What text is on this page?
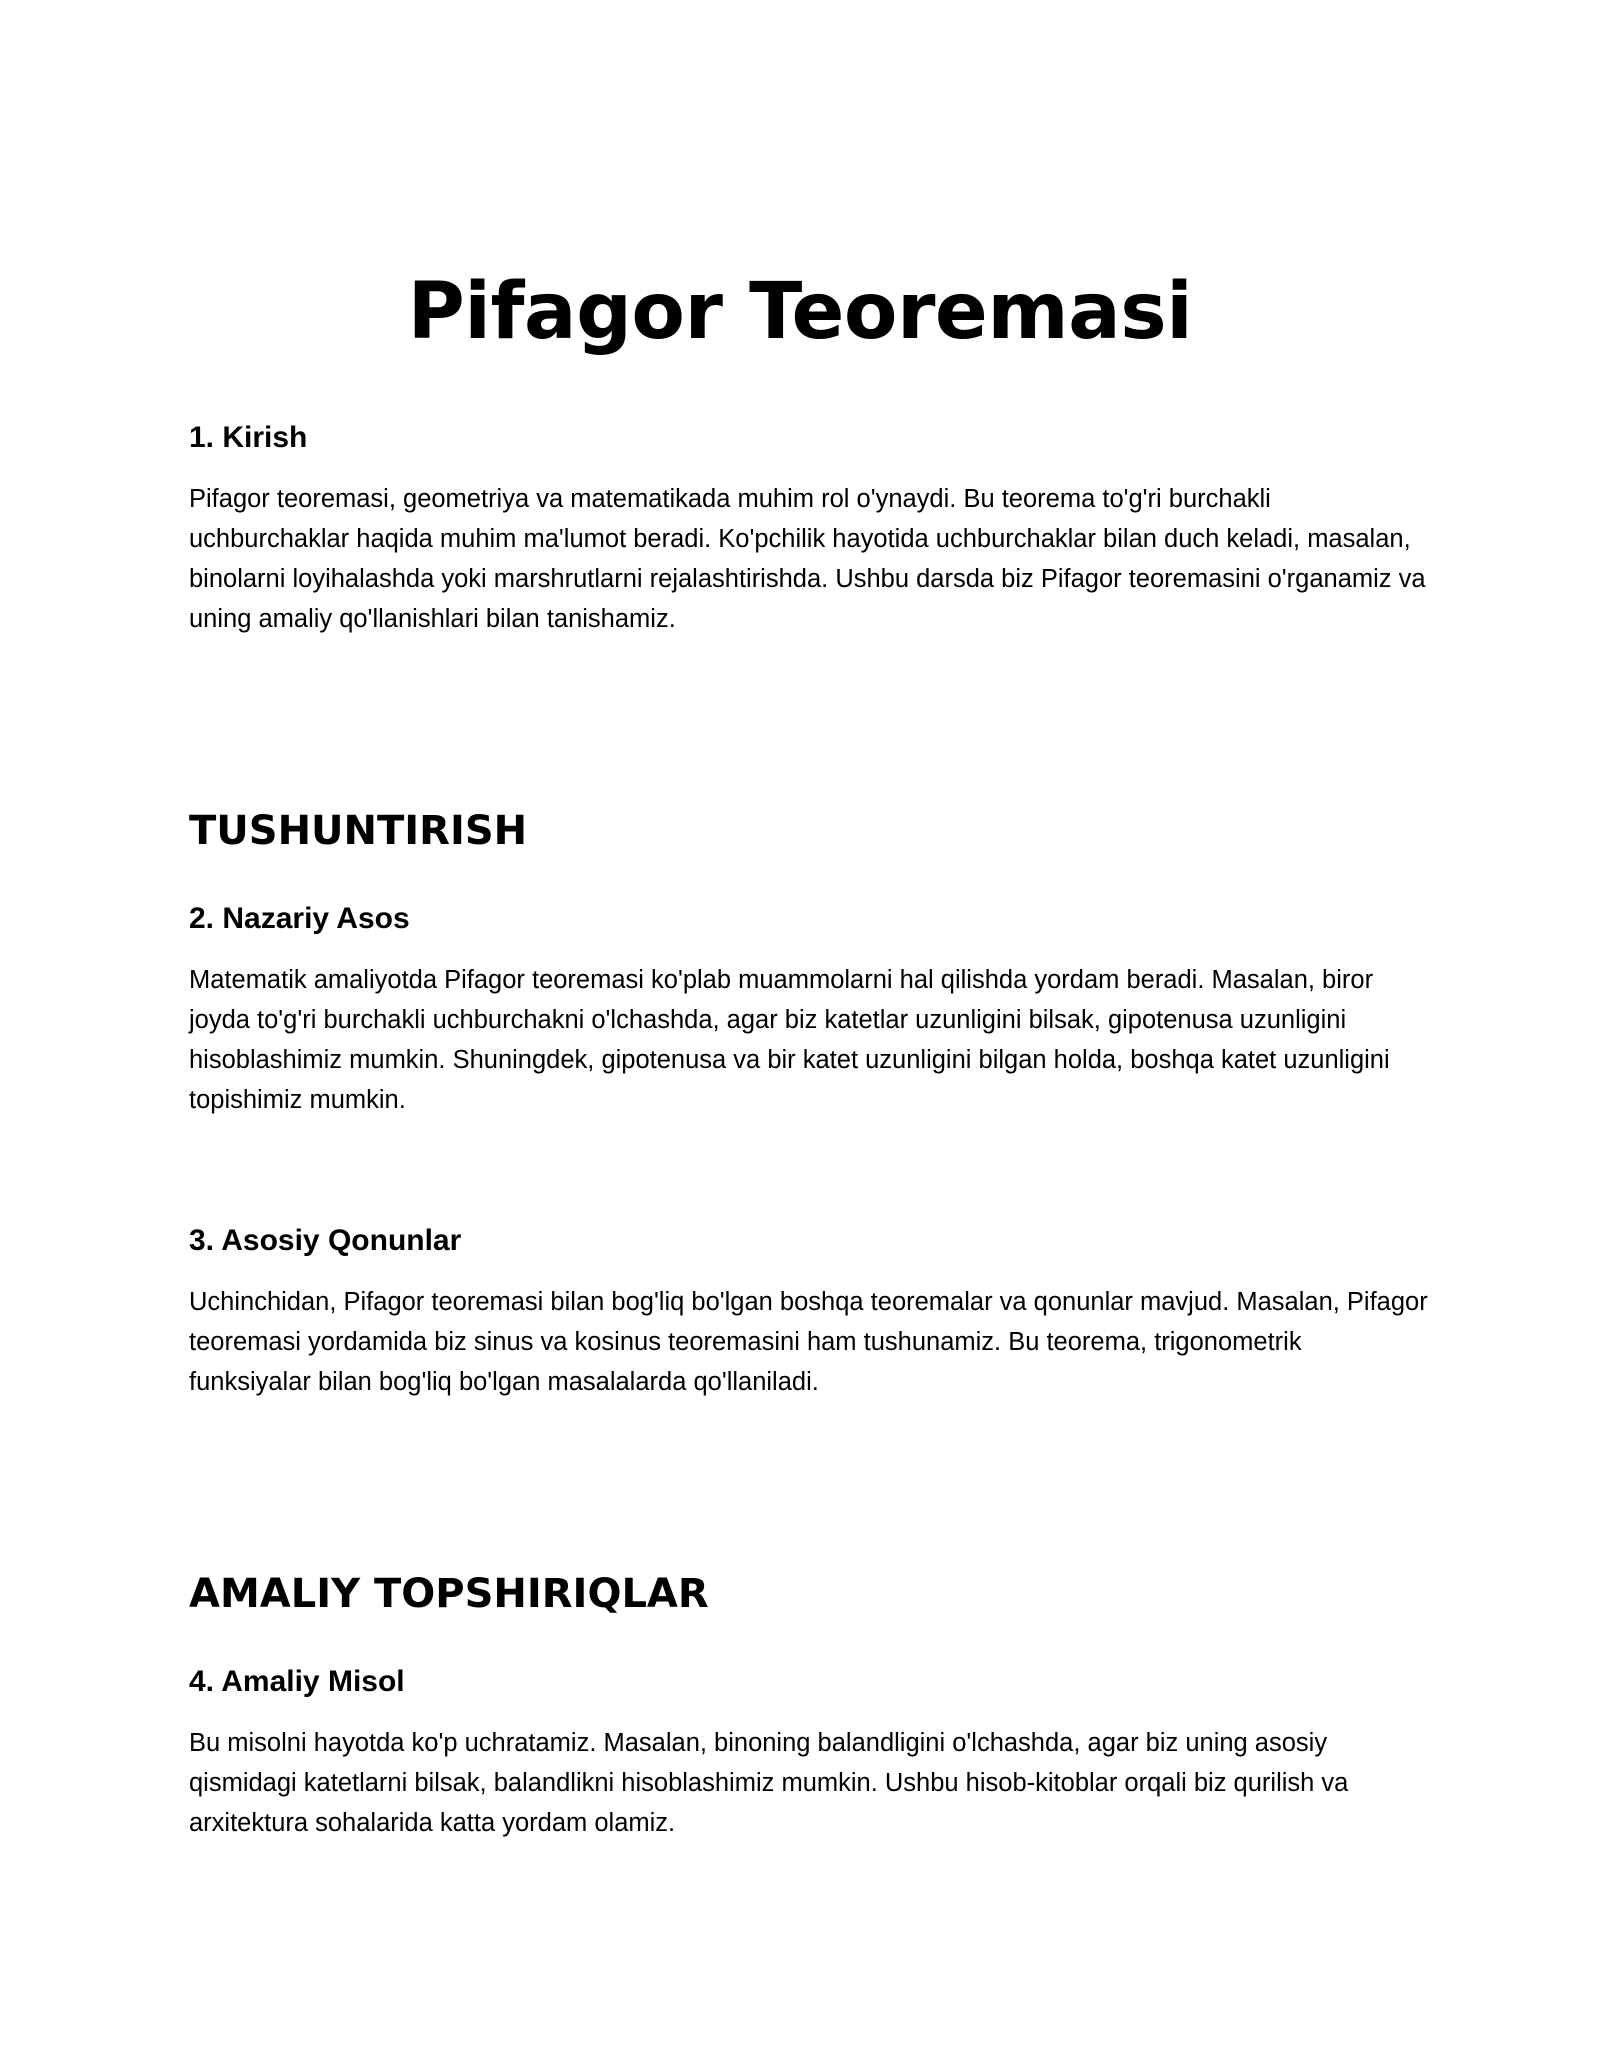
Pifagor Teoremasi
1. Kirish

Pifagor teoremasi, geometriya va matematikada muhim rol o'ynaydi. Bu teorema to'g'ri burchakli uchburchaklar haqida muhim ma'lumot beradi. Ko'pchilik hayotida uchburchaklar bilan duch keladi, masalan, binolarni loyihalashda yoki marshrutlarni rejalashtirishda. Ushbu darsda biz Pifagor teoremasini o'rganamiz va uning amaliy qo'llanishlari bilan tanishamiz.

TUSHUNTIRISH
2. Nazariy Asos

Matematik amaliyotda Pifagor teoremasi ko'plab muammolarni hal qilishda yordam beradi. Masalan, biror joyda to'g'ri burchakli uchburchakni o'lchashda, agar biz katetlar uzunligini bilsak, gipotenusa uzunligini hisoblashimiz mumkin. Shuningdek, gipotenusa va bir katet uzunligini bilgan holda, boshqa katet uzunligini topishimiz mumkin.

3. Asosiy Qonunlar

Uchinchidan, Pifagor teoremasi bilan bog'liq bo'lgan boshqa teoremalar va qonunlar mavjud. Masalan, Pifagor teoremasi yordamida biz sinus va kosinus teoremasini ham tushunamiz. Bu teorema, trigonometrik funksiyalar bilan bog'liq bo'lgan masalalarda qo'llaniladi.

AMALIY TOPSHIRIQLAR
4. Amaliy Misol

Bu misolni hayotda ko'p uchratamiz. Masalan, binoning balandligini o'lchashda, agar biz uning asosiy qismidagi katetlarni bilsak, balandlikni hisoblashimiz mumkin. Ushbu hisob-kitoblar orqali biz qurilish va arxitektura sohalarida katta yordam olamiz.
